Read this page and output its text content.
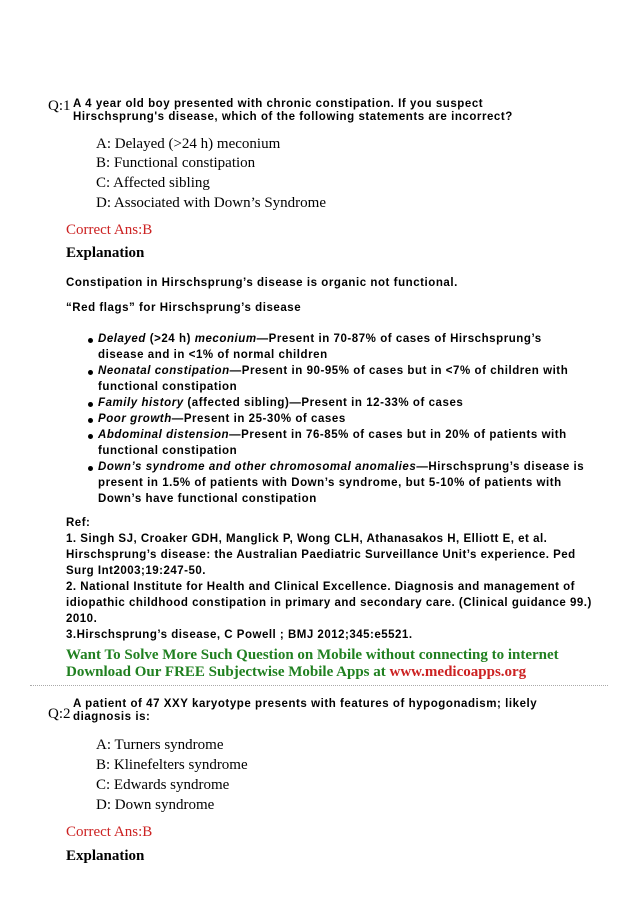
Q:1 A 4 year old boy presented with chronic constipation. If you suspect
Hirschsprung's disease, which of the following statements are incorrect?
A: Delayed (>24 h) meconium
B: Functional constipation
C: Affected sibling
D: Associated with Down’s Syndrome
Correct Ans:B
Explanation
Constipation in Hirschsprung’s disease is organic not functional.
“Red flags” for Hirschsprung’s disease
Delayed (>24 h) meconium—Present in 70-87% of cases of Hirschsprung’s
disease and in <1% of normal children
Neonatal constipation—Present in 90-95% of cases but in <7% of children with
functional constipation
Family history (affected sibling)—Present in 12-33% of cases
Poor growth—Present in 25-30% of cases
Abdominal distension—Present in 76-85% of cases but in 20% of patients with
functional constipation
Down’s syndrome and other chromosomal anomalies—Hirschsprung’s disease is
present in 1.5% of patients with Down’s syndrome, but 5-10% of patients with
Down’s have functional constipation
Ref:
1. Singh SJ, Croaker GDH, Manglick P, Wong CLH, Athanasakos H, Elliott E, et al.
Hirschsprung’s disease: the Australian Paediatric Surveillance Unit’s experience. Ped
Surg Int2003;19:247-50.
2. National Institute for Health and Clinical Excellence. Diagnosis and management of
idiopathic childhood constipation in primary and secondary care. (Clinical guidance 99.)
2010.
3.Hirschsprung’s disease, C Powell ; BMJ 2012;345:e5521.
Want To Solve More Such Question on Mobile without connecting to internet
Download Our FREE Subjectwise Mobile Apps at www.medicoapps.org
Q:2
A patient of 47 XXY karyotype presents with features of hypogonadism; likely
diagnosis is:
A: Turners syndrome
B: Klinefelters syndrome
C: Edwards syndrome
D: Down syndrome
Correct Ans:B
Explanation
